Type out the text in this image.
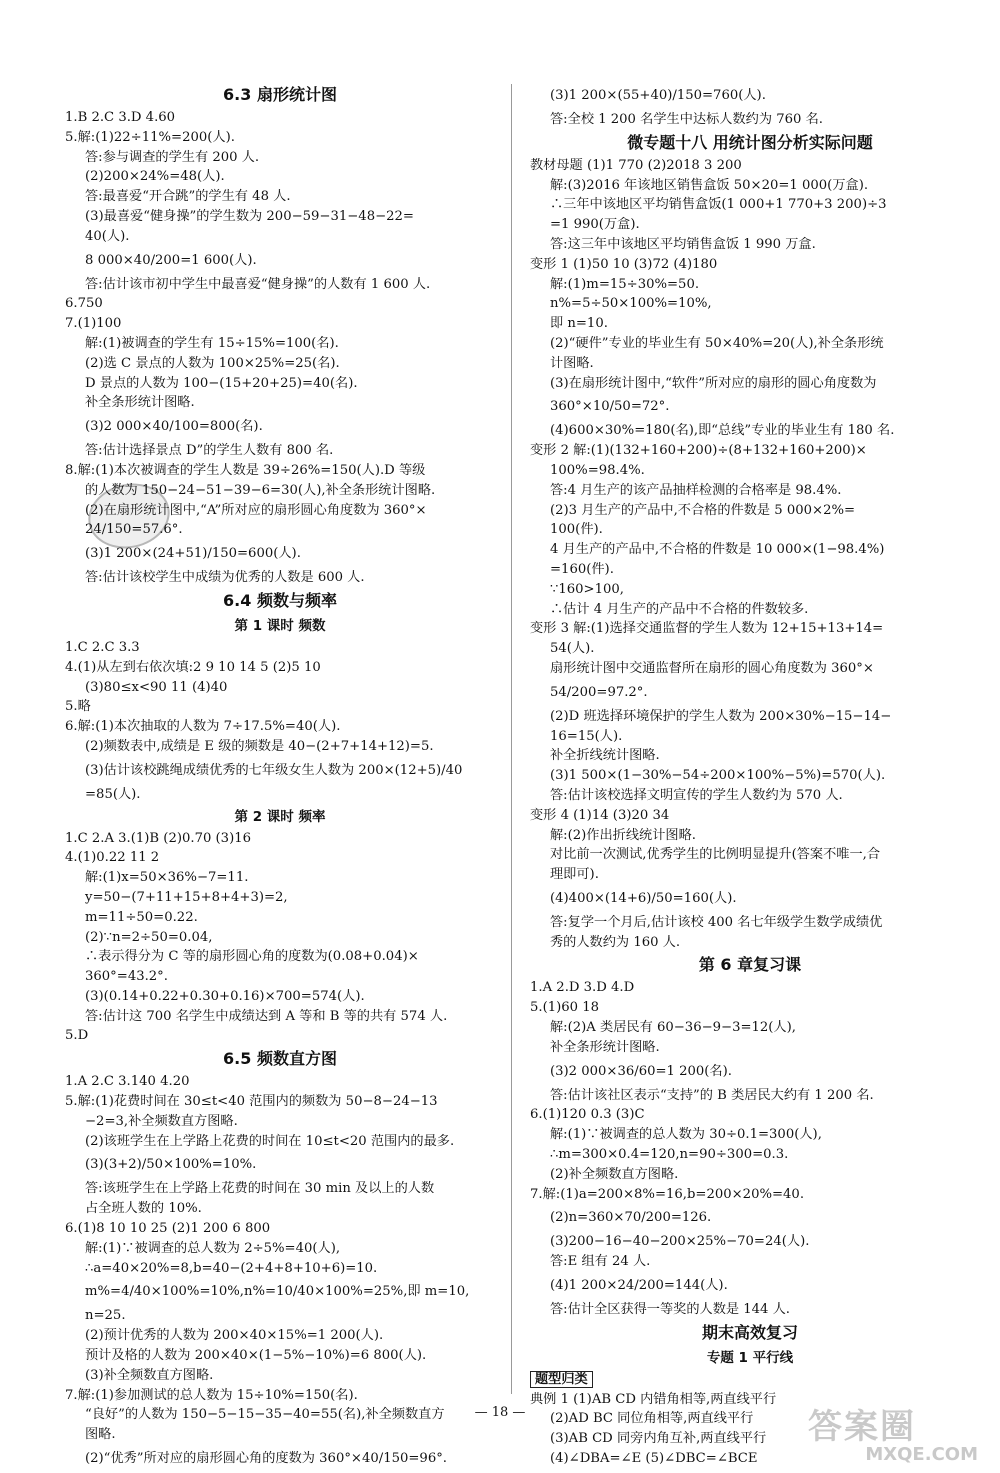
6.3 扇形统计图
1.B 2.C 3.D 4.60
5.解:(1)22÷11%=200(人).
答:参与调查的学生有 200 人.
(2)200×24%=48(人).
答:最喜爱“开合跳”的学生有 48 人.
(3)最喜爱“健身操”的学生数为 200−59−31−48−22=
40(人).
8 000×40/200=1 600(人).
答:估计该市初中学生中最喜爱“健身操”的人数有 1 600 人.
6.750
7.(1)100
解:(1)被调查的学生有 15÷15%=100(名).
(2)选 C 景点的人数为 100×25%=25(名).
D 景点的人数为 100−(15+20+25)=40(名).
补全条形统计图略.
(3)2 000×40/100=800(名).
答:估计选择景点 D”的学生人数有 800 名.
8.解:(1)本次被调查的学生人数是 39÷26%=150(人).D 等级
的人数为 150−24−51−39−6=30(人),补全条形统计图略.
(2)在扇形统计图中,“A”所对应的扇形圆心角度数为 360°×
24/150=57.6°.
(3)1 200×(24+51)/150=600(人).
答:估计该校学生中成绩为优秀的人数是 600 人.
6.4 频数与频率
第 1 课时 频数
1.C 2.C 3.3
4.(1)从左到右依次填:2 9 10 14 5 (2)5 10
(3)80≤x<90 11 (4)40
5.略
6.解:(1)本次抽取的人数为 7÷17.5%=40(人).
(2)频数表中,成绩是 E 级的频数是 40−(2+7+14+12)=5.
(3)估计该校跳绳成绩优秀的七年级女生人数为 200×(12+5)/40
=85(人).
第 2 课时 频率
1.C 2.A 3.(1)B (2)0.70 (3)16
4.(1)0.22 11 2
解:(1)x=50×36%−7=11.
y=50−(7+11+15+8+4+3)=2,
m=11÷50=0.22.
(2)∵n=2÷50=0.04,
∴表示得分为 C 等的扇形圆心角的度数为(0.08+0.04)×
360°=43.2°.
(3)(0.14+0.22+0.30+0.16)×700=574(人).
答:估计这 700 名学生中成绩达到 A 等和 B 等的共有 574 人.
5.D
6.5 频数直方图
1.A 2.C 3.140 4.20
5.解:(1)花费时间在 30≤t<40 范围内的频数为 50−8−24−13
−2=3,补全频数直方图略.
(2)该班学生在上学路上花费的时间在 10≤t<20 范围内的最多.
(3)(3+2)/50×100%=10%.
答:该班学生在上学路上花费的时间在 30 min 及以上的人数
占全班人数的 10%.
6.(1)8 10 10 25 (2)1 200 6 800
解:(1)∵被调查的总人数为 2÷5%=40(人),
∴a=40×20%=8,b=40−(2+4+8+10+6)=10.
m%=4/40×100%=10%,n%=10/40×100%=25%,即 m=10,
n=25.
(2)预计优秀的人数为 200×40×15%=1 200(人).
预计及格的人数为 200×40×(1−5%−10%)=6 800(人).
(3)补全频数直方图略.
7.解:(1)参加测试的总人数为 15÷10%=150(名).
“良好”的人数为 150−5−15−35−40=55(名),补全频数直方
图略.
(2)“优秀”所对应的扇形圆心角的度数为 360°×40/150=96°.
(3)1 200×(55+40)/150=760(人).
答:全校 1 200 名学生中达标人数约为 760 名.
微专题十八 用统计图分析实际问题
教材母题 (1)1 770 (2)2018 3 200
解:(3)2016 年该地区销售盒饭 50×20=1 000(万盒).
∴三年中该地区平均销售盒饭(1 000+1 770+3 200)÷3
=1 990(万盒).
答:这三年中该地区平均销售盒饭 1 990 万盒.
变形 1 (1)50 10 (3)72 (4)180
解:(1)m=15÷30%=50.
n%=5÷50×100%=10%,
即 n=10.
(2)“硬件”专业的毕业生有 50×40%=20(人),补全条形统
计图略.
(3)在扇形统计图中,“软件”所对应的扇形的圆心角度数为
360°×10/50=72°.
(4)600×30%=180(名),即“总线”专业的毕业生有 180 名.
变形 2 解:(1)(132+160+200)÷(8+132+160+200)×
100%=98.4%.
答:4 月生产的该产品抽样检测的合格率是 98.4%.
(2)3 月生产的产品中,不合格的件数是 5 000×2%=
100(件).
4 月生产的产品中,不合格的件数是 10 000×(1−98.4%)
=160(件).
∵160>100,
∴估计 4 月生产的产品中不合格的件数较多.
变形 3 解:(1)选择交通监督的学生人数为 12+15+13+14=
54(人).
扇形统计图中交通监督所在扇形的圆心角度数为 360°×
54/200=97.2°.
(2)D 班选择环境保护的学生人数为 200×30%−15−14−
16=15(人).
补全折线统计图略.
(3)1 500×(1−30%−54÷200×100%−5%)=570(人).
答:估计该校选择文明宣传的学生人数约为 570 人.
变形 4 (1)14 (3)20 34
解:(2)作出折线统计图略.
对比前一次测试,优秀学生的比例明显提升(答案不唯一,合
理即可).
(4)400×(14+6)/50=160(人).
答:复学一个月后,估计该校 400 名七年级学生数学成绩优
秀的人数约为 160 人.
第 6 章复习课
1.A 2.D 3.D 4.D
5.(1)60 18
解:(2)A 类居民有 60−36−9−3=12(人),
补全条形统计图略.
(3)2 000×36/60=1 200(名).
答:估计该社区表示“支持”的 B 类居民大约有 1 200 名.
6.(1)120 0.3 (3)C
解:(1)∵被调查的总人数为 30÷0.1=300(人),
∴m=300×0.4=120,n=90÷300=0.3.
(2)补全频数直方图略.
7.解:(1)a=200×8%=16,b=200×20%=40.
(2)n=360×70/200=126.
(3)200−16−40−200×25%−70=24(人).
答:E 组有 24 人.
(4)1 200×24/200=144(人).
答:估计全区获得一等奖的人数是 144 人.
期末高效复习
专题 1 平行线
题型归类
典例 1 (1)AB CD 内错角相等,两直线平行
(2)AD BC 同位角相等,两直线平行
(3)AB CD 同旁内角互补,两直线平行
(4)∠DBA=∠E (5)∠DBC=∠BCE
— 18 —	答案圈
MXQE.COM
